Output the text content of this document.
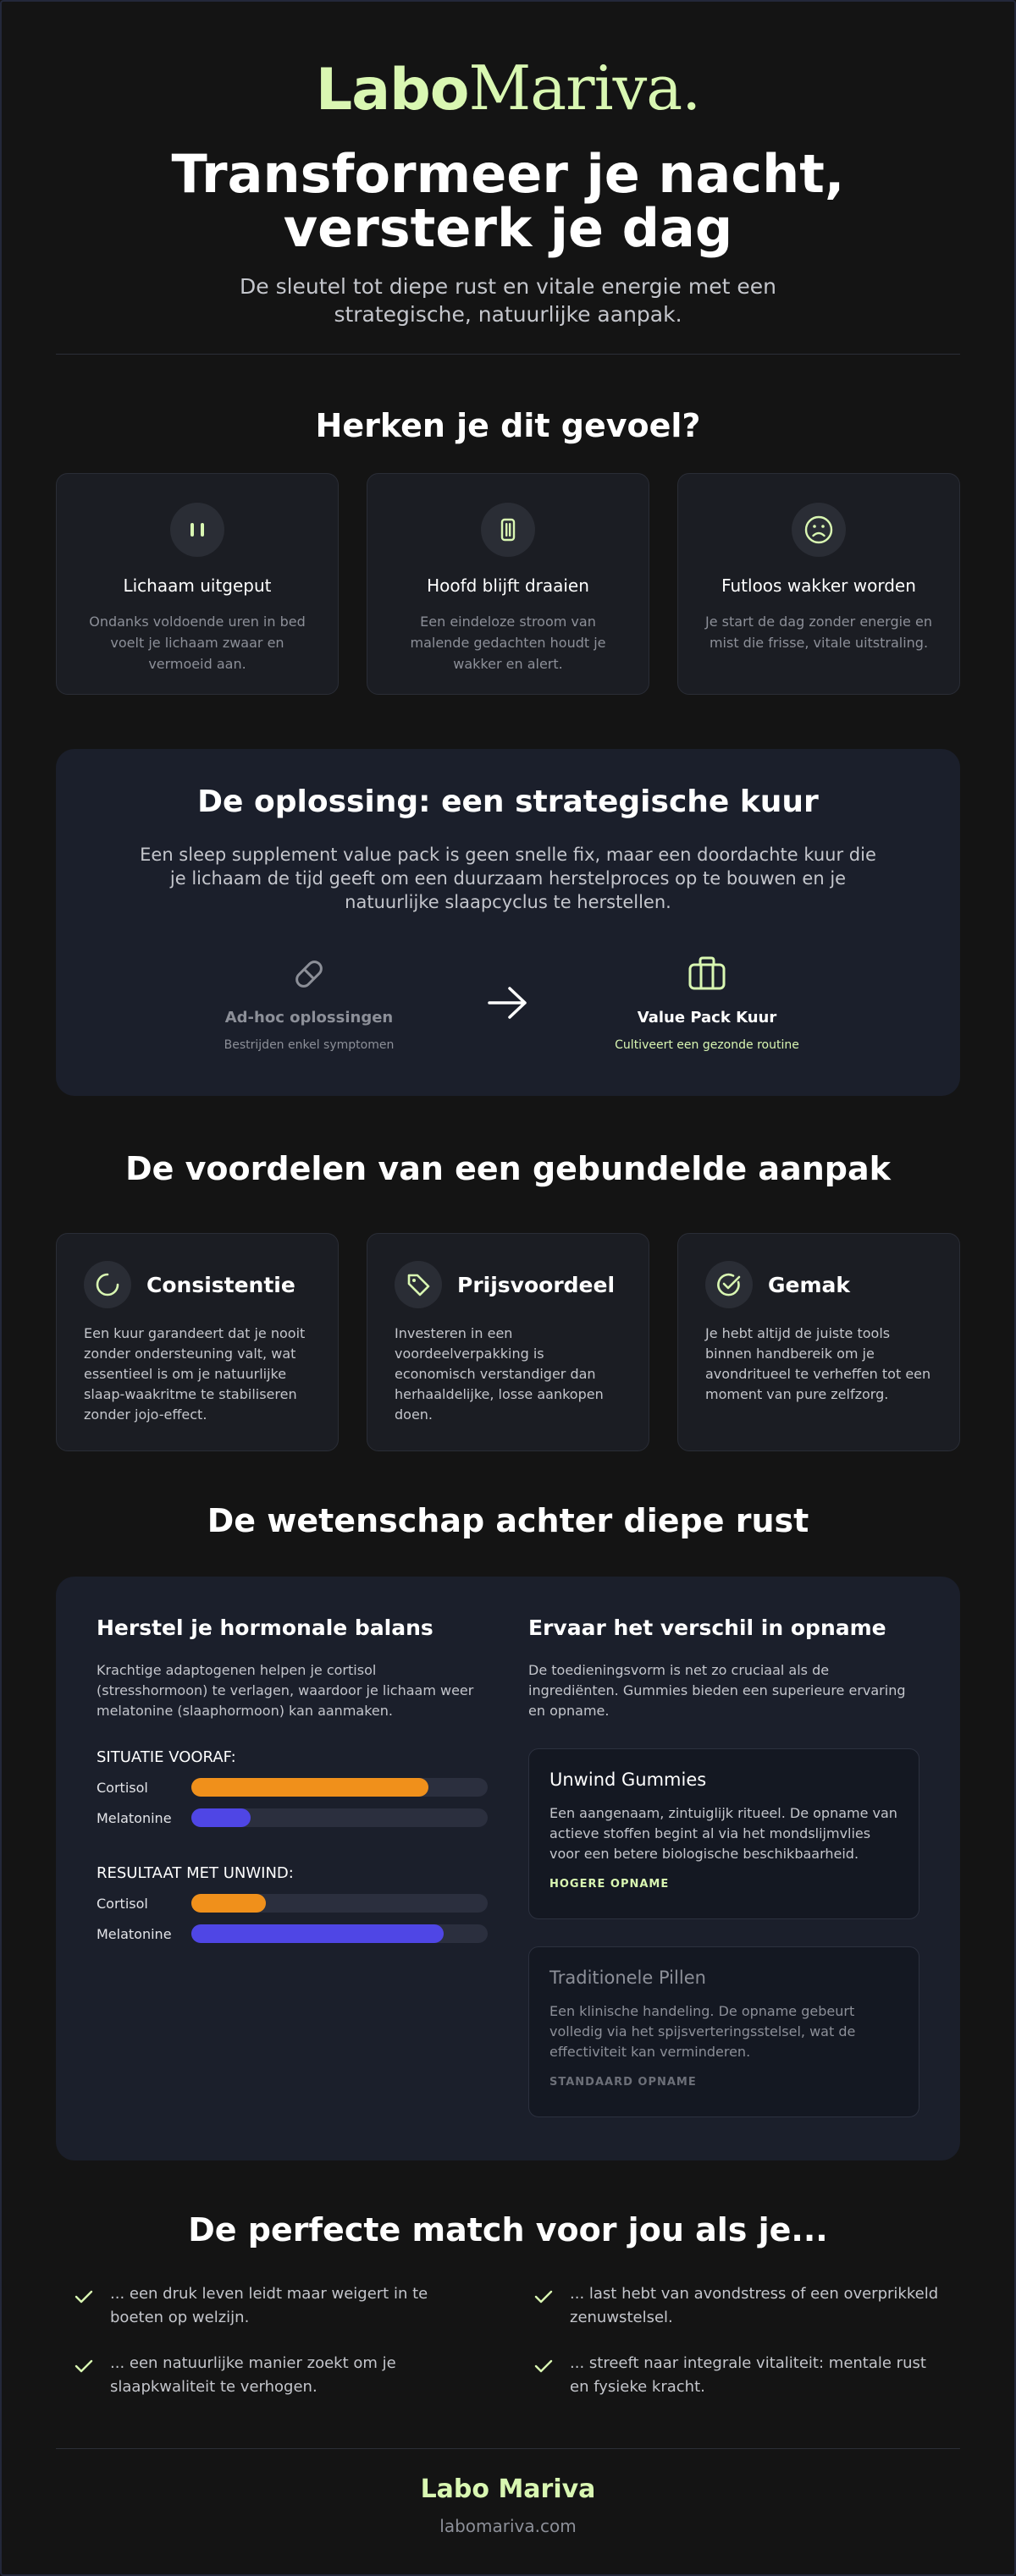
LaboMariva.
Transformeer je nacht, versterk je dag

De sleutel tot diepe rust en vitale energie met een strategische, natuurlijke aanpak.

Herken je dit gevoel?
Lichaam uitgeput
Ondanks voldoende uren in bed voelt je lichaam zwaar en vermoeid aan.
Hoofd blijft draaien
Een eindeloze stroom van malende gedachten houdt je wakker en alert.
Futloos wakker worden
Je start de dag zonder energie en mist die frisse, vitale uitstraling.
De oplossing: een strategische kuur

Een sleep supplement value pack is geen snelle fix, maar een doordachte kuur die je lichaam de tijd geeft om een duurzaam herstelproces op te bouwen en je natuurlijke slaapcyclus te herstellen.

Ad-hoc oplossingen
Bestrijden enkel symptomen
Value Pack Kuur
Cultiveert een gezonde routine
De voordelen van een gebundelde aanpak
Consistentie
Een kuur garandeert dat je nooit zonder ondersteuning valt, wat essentieel is om je natuurlijke slaap-waakritme te stabiliseren zonder jojo-effect.
Prijsvoordeel
Investeren in een voordeelverpakking is economisch verstandiger dan herhaaldelijke, losse aankopen doen.
Gemak
Je hebt altijd de juiste tools binnen handbereik om je avondritueel te verheffen tot een moment van pure zelfzorg.
De wetenschap achter diepe rust
Herstel je hormonale balans
Krachtige adaptogenen helpen je cortisol (stresshormoon) te verlagen, waardoor je lichaam weer melatonine (slaaphormoon) kan aanmaken.
SITUATIE VOORAF:
Cortisol
Melatonine
RESULTAAT MET UNWIND:
Cortisol
Melatonine
Ervaar het verschil in opname
De toedieningsvorm is net zo cruciaal als de ingrediënten. Gummies bieden een superieure ervaring en opname.
Unwind Gummies
Een aangenaam, zintuiglijk ritueel. De opname van actieve stoffen begint al via het mondslijmvlies voor een betere biologische beschikbaarheid.
HOGERE OPNAME
Traditionele Pillen
Een klinische handeling. De opname gebeurt volledig via het spijsverteringsstelsel, wat de effectiviteit kan verminderen.
STANDAARD OPNAME
De perfecte match voor jou als je...
... een druk leven leidt maar weigert in te boeten op welzijn.
... last hebt van avondstress of een overprikkeld zenuwstelsel.
... een natuurlijke manier zoekt om je slaapkwaliteit te verhogen.
... streeft naar integrale vitaliteit: mentale rust en fysieke kracht.
Labo Mariva
labomariva.com
